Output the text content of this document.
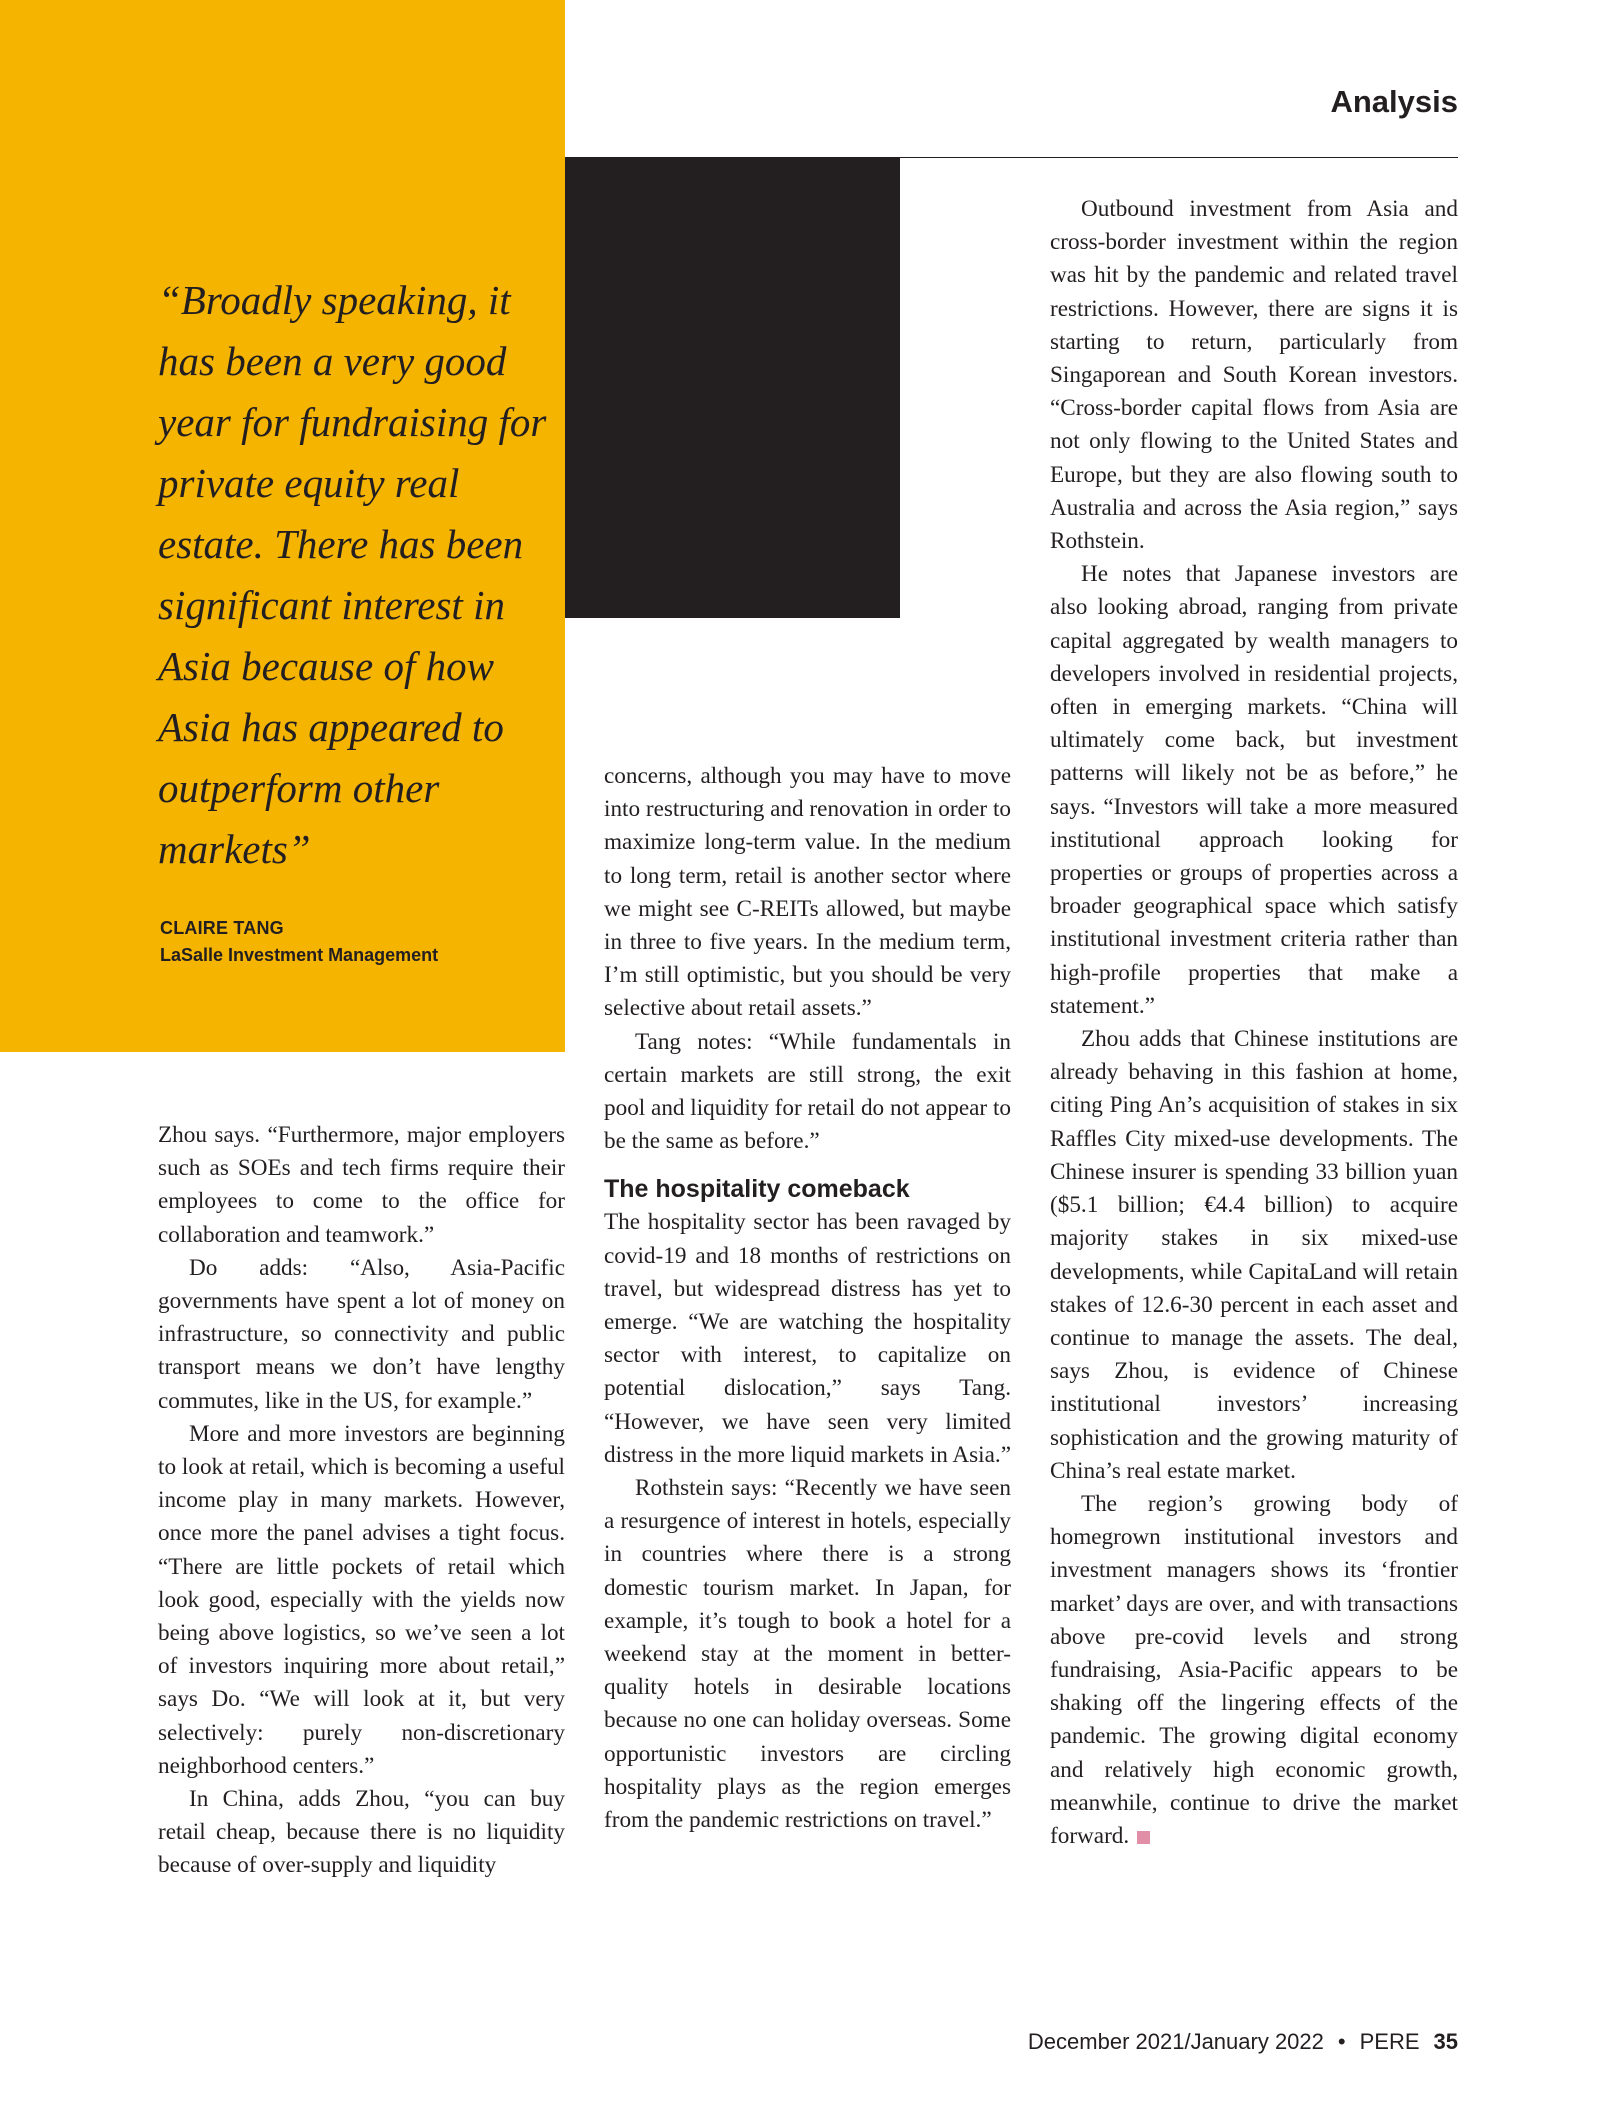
“Broadly speaking, it has been a very good year for fundraising for private equity real estate. There has been significant interest in Asia because of how Asia has appeared to outperform other markets”
CLAIRE TANG
LaSalle Investment Management
Analysis

Zhou says. “Furthermore, major employers such as SOEs and tech firms require their employees to come to the office for collaboration and teamwork.”

Do adds: “Also, Asia-Pacific governments have spent a lot of money on infrastructure, so connectivity and public transport means we don’t have lengthy commutes, like in the US, for example.”

More and more investors are beginning to look at retail, which is becoming a useful income play in many markets. However, once more the panel advises a tight focus. “There are little pockets of retail which look good, especially with the yields now being above logistics, so we’ve seen a lot of investors inquiring more about retail,” says Do. “We will look at it, but very selectively: purely non-discretionary neighborhood centers.”

In China, adds Zhou, “you can buy retail cheap, because there is no liquidity because of over-supply and liquidity

concerns, although you may have to move into restructuring and renovation in order to maximize long-term value. In the medium to long term, retail is another sector where we might see C-REITs allowed, but maybe in three to five years. In the medium term, I’m still optimistic, but you should be very selective about retail assets.”

Tang notes: “While fundamentals in certain markets are still strong, the exit pool and liquidity for retail do not appear to be the same as before.”

The hospitality comeback

The hospitality sector has been ravaged by covid-19 and 18 months of restrictions on travel, but widespread distress has yet to emerge. “We are watching the hospitality sector with interest, to capitalize on potential dislocation,” says Tang. “However, we have seen very limited distress in the more liquid markets in Asia.”

Rothstein says: “Recently we have seen a resurgence of interest in hotels, especially in countries where there is a strong domestic tourism market. In Japan, for example, it’s tough to book a hotel for a weekend stay at the moment in better-quality hotels in desirable locations because no one can holiday overseas. Some opportunistic investors are circling hospitality plays as the region emerges from the pandemic restrictions on travel.”

Outbound investment from Asia and cross-border investment within the region was hit by the pandemic and related travel restrictions. However, there are signs it is starting to return, particularly from Singaporean and South Korean investors. “Cross-border capital flows from Asia are not only flowing to the United States and Europe, but they are also flowing south to Australia and across the Asia region,” says Rothstein.

He notes that Japanese investors are also looking abroad, ranging from private capital aggregated by wealth managers to developers involved in residential projects, often in emerging markets. “China will ultimately come back, but investment patterns will likely not be as before,” he says. “Investors will take a more measured institutional approach looking for properties or groups of properties across a broader geographical space which satisfy institutional investment criteria rather than high-profile properties that make a statement.”

Zhou adds that Chinese institutions are already behaving in this fashion at home, citing Ping An’s acquisition of stakes in six Raffles City mixed-use developments. The Chinese insurer is spending 33 billion yuan ($5.1 billion; €4.4 billion) to acquire majority stakes in six mixed-use developments, while CapitaLand will retain stakes of 12.6-30 percent in each asset and continue to manage the assets. The deal, says Zhou, is evidence of Chinese institutional investors’ increasing sophistication and the growing maturity of China’s real estate market.

The region’s growing body of homegrown institutional investors and investment managers shows its ‘frontier market’ days are over, and with transactions above pre-covid levels and strong fundraising, Asia-Pacific appears to be shaking off the lingering effects of the pandemic. The growing digital economy and relatively high economic growth, meanwhile, continue to drive the market forward.

December 2021/January 2022 • PERE 35
